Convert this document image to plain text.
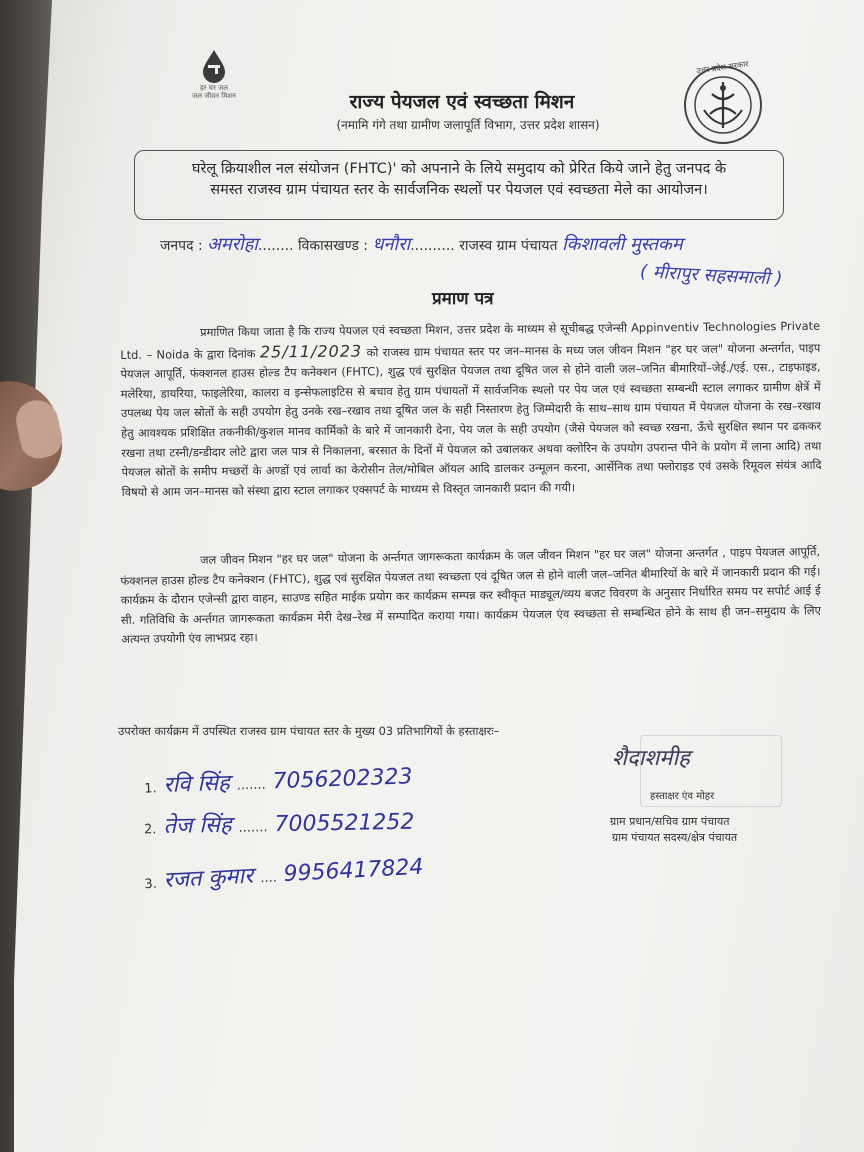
हर घर जल
जल जीवन मिशन
उत्तर प्रदेश सरकार
राज्य पेयजल एवं स्वच्छता मिशन
(नमामि गंगे तथा ग्रामीण जलापूर्ति विभाग, उत्तर प्रदेश शासन)
घरेलू क्रियाशील नल संयोजन (FHTC)' को अपनाने के लिये समुदाय को प्रेरित किये जाने हेतु जनपद के
समस्त राजस्व ग्राम पंचायत स्तर के सार्वजनिक स्थलों पर पेयजल एवं स्वच्छता मेले का आयोजन।
जनपद : अमरोहा........ विकासखण्ड : धनौरा.......... राजस्व ग्राम पंचायत किशावली मुस्तकम
( मीरापुर सहसमाली )
प्रमाण पत्र
प्रमाणित किया जाता है कि राज्य पेयजल एवं स्वच्छता मिशन, उत्तर प्रदेश के माध्यम से सूचीबद्ध एजेन्सी Appinventiv Technologies Private Ltd. – Noida के द्वारा दिनांक 25/11/2023 को राजस्व ग्राम पंचायत स्तर पर जन–मानस के मध्य जल जीवन मिशन "हर घर जल" योजना अन्तर्गत, पाइप पेयजल आपूर्ति, फंक्शनल हाउस होल्ड टैप कनेक्शन (FHTC), शुद्ध एवं सुरक्षित पेयजल तथा दूषित जल से होने वाली जल–जनित बीमारियों–जेई./एई. एस., टाइफाइड, मलेरिया, डायरिया, फाइलेरिया, कालरा व इन्सेफलाइटिस से बचाव हेतु ग्राम पंचायतों में सार्वजनिक स्थलो पर पेय जल एवं स्वच्छता सम्बन्धी स्टाल लगाकर ग्रामीण क्षेत्रें में उपलब्ध पेय जल स्रोतों के सही उपयोग हेतु उनके रख–रखाव तथा दूषित जल के सही निस्तारण हेतु जिम्मेदारी के साथ–साथ ग्राम पंचायत में पेयजल योजना के रख–रखाव हेतु आवश्यक प्रशिक्षित तकनीकी/कुशल मानव कार्मिको के बारे में जानकारी देना, पेय जल के सही उपयोग (जैसे पेयजल को स्वच्छ रखना, ऊँचे सुरक्षित स्थान पर ढककर रखना तथा टस्नी/डन्डीदार लोटे द्वारा जल पात्र से निकालना, बरसात के दिनों में पेयजल को उबालकर अथवा क्लोरिन के उपयोग उपरान्त पीने के प्रयोग में लाना आदि) तथा पेयजल स्रोतों के समीप मच्छरों के अण्डों एवं लार्वा का केरोसीन तेल/मोबिल ऑयल आदि डालकर उन्मूलन करना, आर्सेनिक तथा फ्लोराइड एवं उसके रिमूवल संयंत्र आदि विषयो से आम जन–मानस को संस्था द्वारा स्टाल लगाकर एक्सपर्ट के माध्यम से विस्तृत जानकारी प्रदान की गयी।
जल जीवन मिशन "हर घर जल" योजना के अर्न्तगत जागरूकता कार्यक्रम के जल जीवन मिशन "हर घर जल" योजना अन्तर्गत , पाइप पेयजल आपूर्ति, फंक्शनल हाउस होल्ड टैप कनेक्शन (FHTC), शुद्ध एवं सुरक्षित पेयजल तथा स्वच्छता एवं दूषित जल से होने वाली जल–जनित बीमारियों के बारे में जानकारी प्रदान की गई। कार्यक्रम के दौरान एजेन्सी द्वारा वाहन, साउण्ड सहित माईक प्रयोग कर कार्यक्रम सम्पन्न कर स्वीकृत माड्यूल/व्यय बजट विवरण के अनुसार निर्धारित समय पर सपोर्ट आई ई सी. गतिविधि के अर्न्तगत जागरूकता कार्यक्रम मेरी देख–रेख में सम्पादित कराया गया। कार्यक्रम पेयजल एंव स्वच्छता से सम्बन्धित होने के साथ ही जन–समुदाय के लिए अत्यन्त उपयोगी एंव लाभप्रद रहा।
उपरोक्त कार्यक्रम में उपस्थित राजस्व ग्राम पंचायत स्तर के मुख्य 03 प्रतिभागियों के हस्ताक्षरः–
1. रवि सिंह ....... 7056202323
2. तेज सिंह ....... 7005521252
3. रजत कुमार .... 9956417824
शैदाशमीह
हस्ताक्षर एंव मोहर
ग्राम प्रधान/सचिव ग्राम पंचायत
ग्राम पंचायत सदस्य/क्षेत्र पंचायत
